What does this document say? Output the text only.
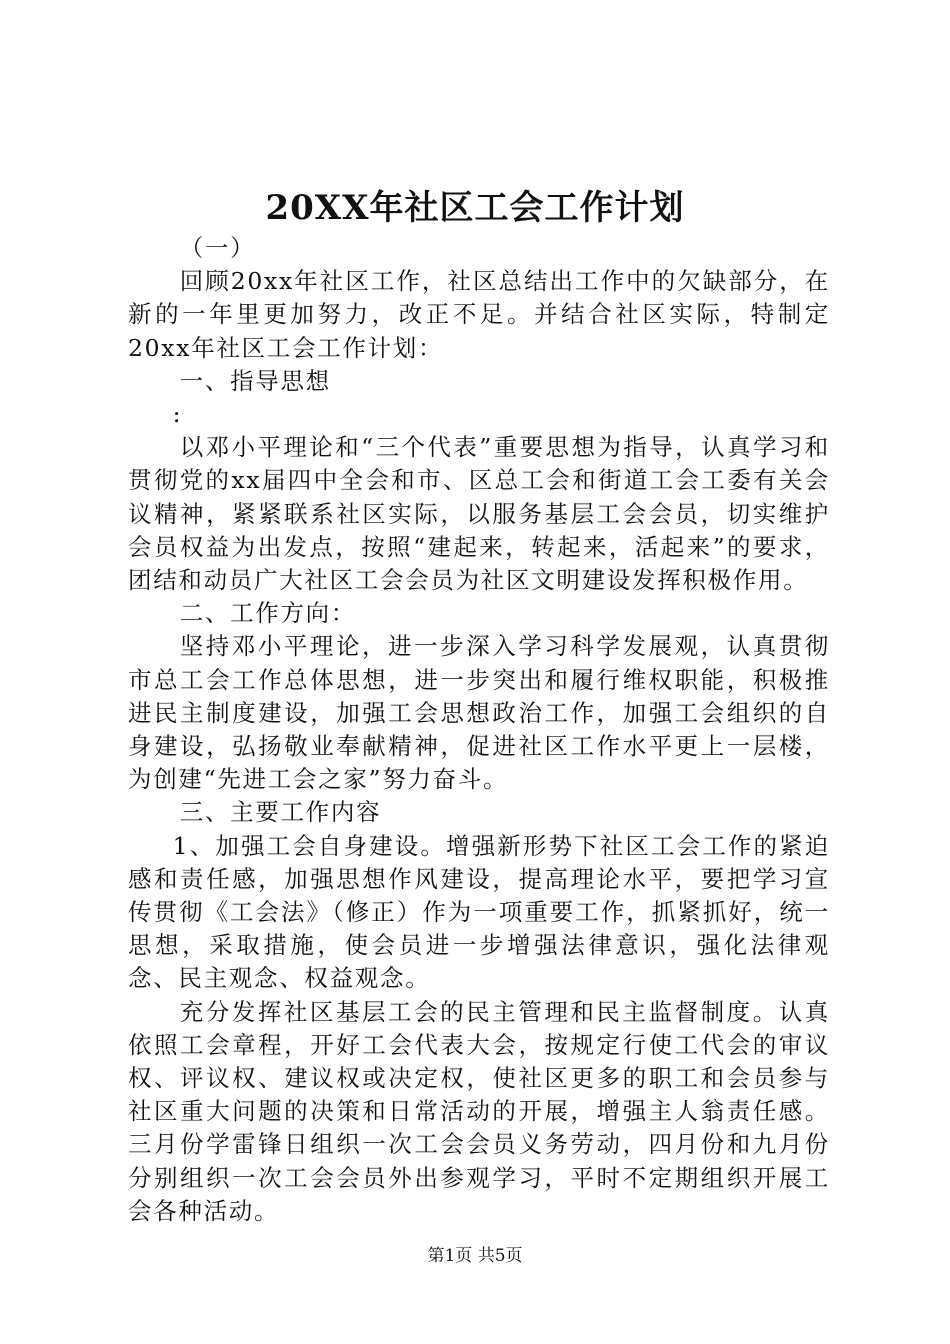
20XX年社区工会工作计划

（一）

回顾20xx年社区工作，社区总结出工作中的欠缺部分，在新的一年里更加努力，改正不足。并结合社区实际，特制定20xx年社区工会工作计划：

一、指导思想

:

以邓小平理论和“三个代表”重要思想为指导，认真学习和贯彻党的xx届四中全会和市、区总工会和街道工会工委有关会议精神，紧紧联系社区实际，以服务基层工会会员，切实维护会员权益为出发点，按照“建起来，转起来，活起来”的要求，团结和动员广大社区工会会员为社区文明建设发挥积极作用。

二、工作方向：

坚持邓小平理论，进一步深入学习科学发展观，认真贯彻市总工会工作总体思想，进一步突出和履行维权职能，积极推进民主制度建设，加强工会思想政治工作，加强工会组织的自身建设，弘扬敬业奉献精神，促进社区工作水平更上一层楼，为创建“先进工会之家”努力奋斗。

三、主要工作内容

1、加强工会自身建设。增强新形势下社区工会工作的紧迫感和责任感，加强思想作风建设，提高理论水平，要把学习宣传贯彻《工会法》（修正）作为一项重要工作，抓紧抓好，统一思想，采取措施，使会员进一步增强法律意识，强化法律观念、民主观念、权益观念。

充分发挥社区基层工会的民主管理和民主监督制度。认真依照工会章程，开好工会代表大会，按规定行使工代会的审议权、评议权、建议权或决定权，使社区更多的职工和会员参与社区重大问题的决策和日常活动的开展，增强主人翁责任感。三月份学雷锋日组织一次工会会员义务劳动，四月份和九月份分别组织一次工会会员外出参观学习，平时不定期组织开展工会各种活动。

第1页 共5页
